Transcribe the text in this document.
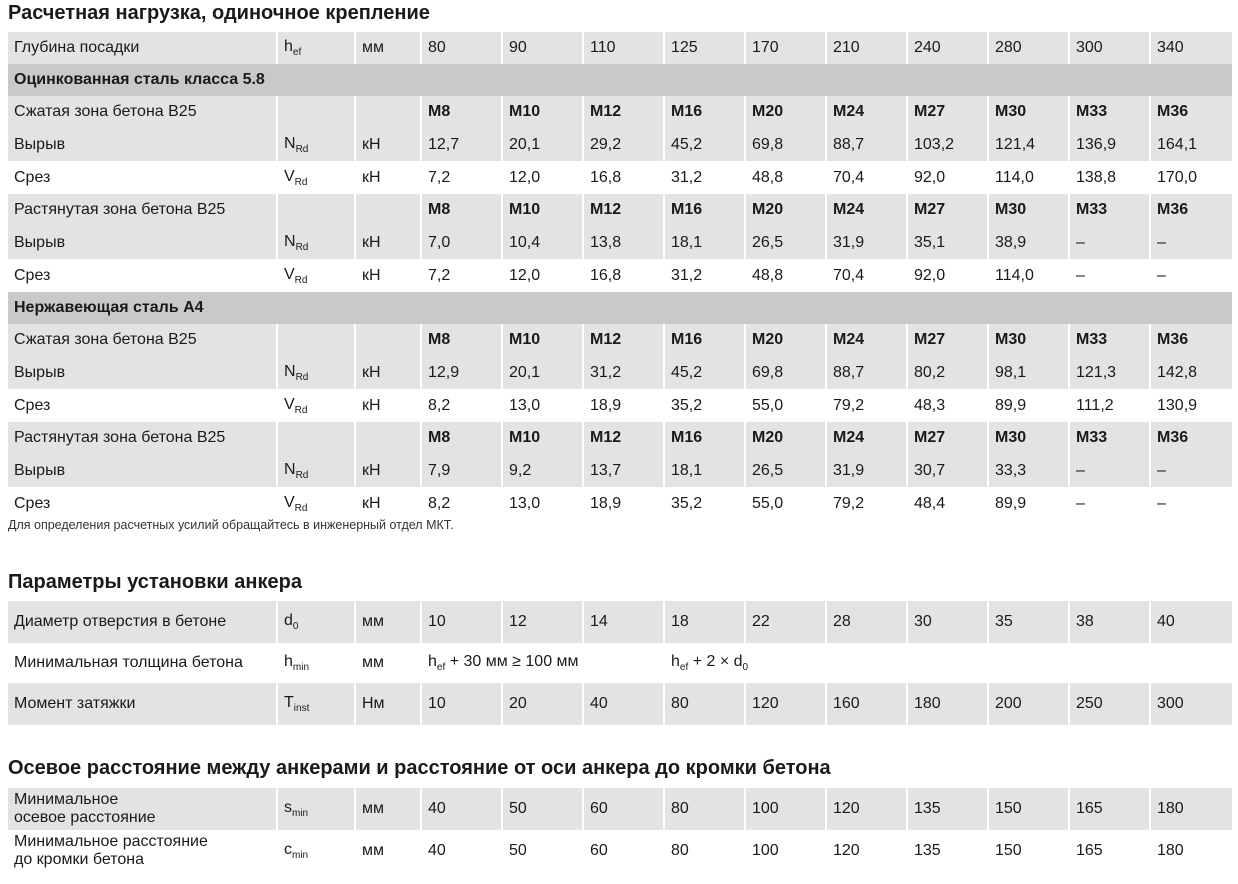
Расчетная нагрузка, одиночное крепление
Глубина посадки	$h_{ef}$	мм	80	90	110	125	170	210	240	280	300	340
Оцинкованная сталь класса 5.8												
Сжатая зона бетона В25			M8	M10	M12	M16	M20	M24	M27	M30	M33	M36
Вырыв	$N_{Rd}$	кН	12,7	20,1	29,2	45,2	69,8	88,7	103,2	121,4	136,9	164,1
Срез	$V_{Rd}$	кН	7,2	12,0	16,8	31,2	48,8	70,4	92,0	114,0	138,8	170,0
Растянутая зона бетона В25			M8	M10	M12	M16	M20	M24	M27	M30	M33	M36
Вырыв	$N_{Rd}$	кН	7,0	10,4	13,8	18,1	26,5	31,9	35,1	38,9	–	–
Срез	$V_{Rd}$	кН	7,2	12,0	16,8	31,2	48,8	70,4	92,0	114,0	–	–
Нержавеющая сталь А4												
Сжатая зона бетона В25			M8	M10	M12	M16	M20	M24	M27	M30	M33	M36
Вырыв	$N_{Rd}$	кН	12,9	20,1	31,2	45,2	69,8	88,7	80,2	98,1	121,3	142,8
Срез	$V_{Rd}$	кН	8,2	13,0	18,9	35,2	55,0	79,2	48,3	89,9	111,2	130,9
Растянутая зона бетона В25			M8	M10	M12	M16	M20	M24	M27	M30	M33	M36
Вырыв	$N_{Rd}$	кН	7,9	9,2	13,7	18,1	26,5	31,9	30,7	33,3	–	–
Срез	$V_{Rd}$	кН	8,2	13,0	18,9	35,2	55,0	79,2	48,4	89,9	–	–
Для определения расчетных усилий обращайтесь в инженерный отдел МКТ.
Параметры установки анкера
Диаметр отверстия в бетоне	$d_0$	мм	10	12	14	18	22	28	30	35	38	40
Минимальная толщина бетона	$h_{min}$	мм	$h_{ef} + 30$ мм ≥ 100 мм			$h_{ef} + 2 \times d_0$
Момент затяжки	$T_{inst}$	Нм	10	20	40	80	120	160	180	200	250	300
Осевое расстояние между анкерами и расстояние от оси анкера до кромки бетона
Минимальное
осевое расстояние	$s_{min}$	мм	40	50	60	80	100	120	135	150	165	180

Минимальное расстояние
до кромки бетона	$c_{min}$	мм	40	50	60	80	100	120	135	150	165	180
